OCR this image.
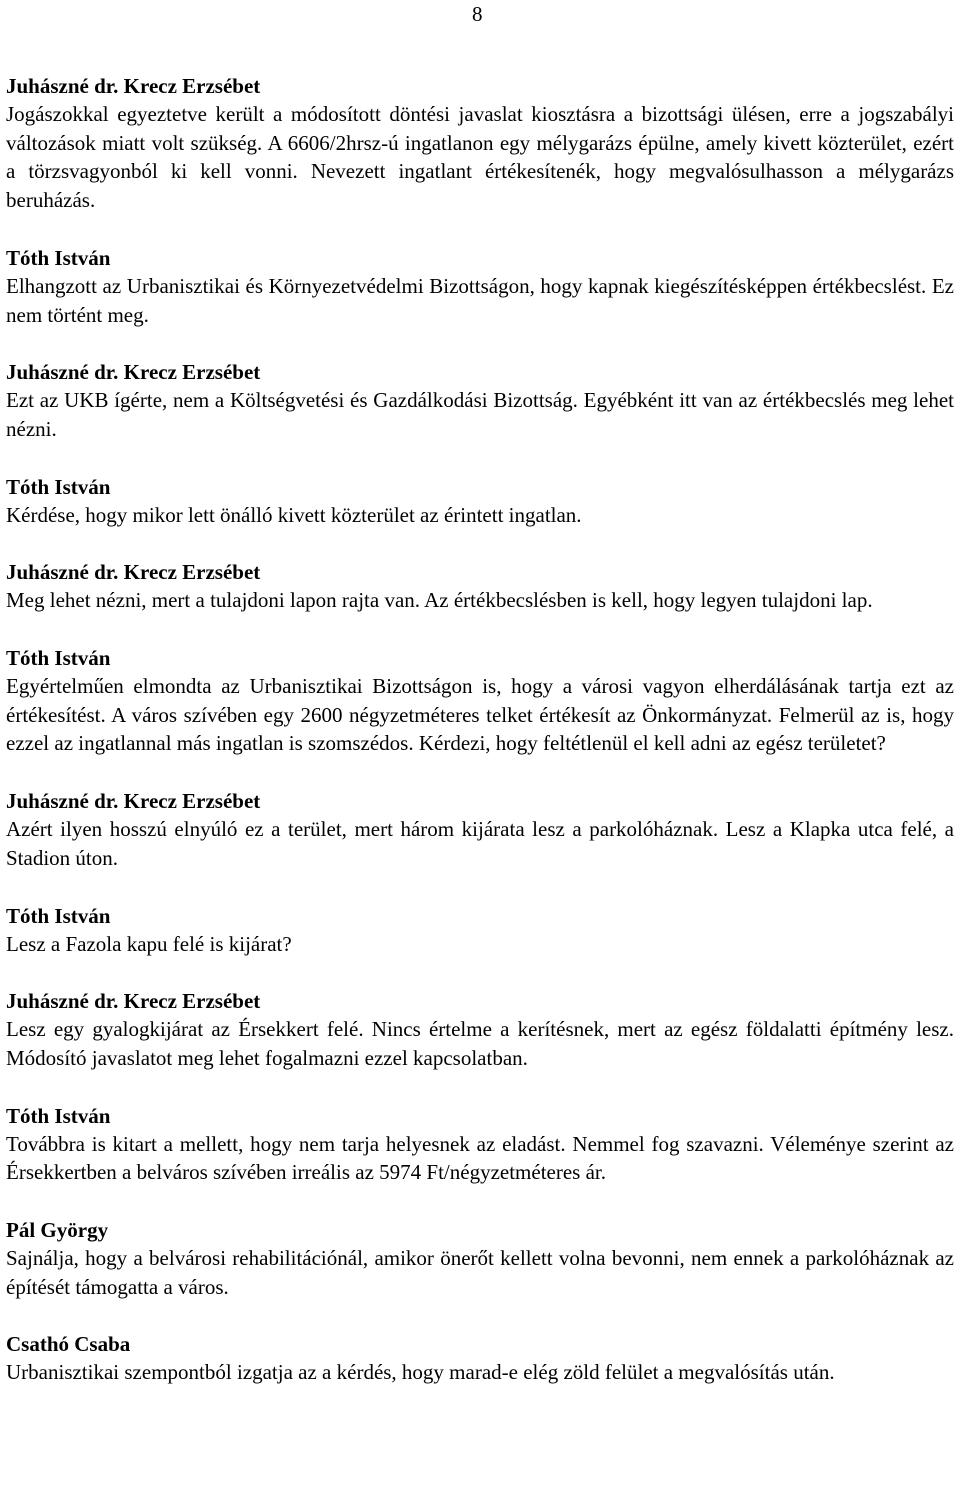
8
Juhászné dr. Krecz Erzsébet
Jogászokkal egyeztetve került a módosított döntési javaslat kiosztásra a bizottsági ülésen, erre a jogszabályi változások miatt volt szükség. A 6606/2hrsz-ú ingatlanon egy mélygarázs épülne, amely kivett közterület, ezért a törzsvagyonból ki kell vonni. Nevezett ingatlant értékesítenék, hogy megvalósulhasson a mélygarázs beruházás.
Tóth István
Elhangzott az Urbanisztikai és Környezetvédelmi Bizottságon, hogy kapnak kiegészítésképpen értékbecslést. Ez nem történt meg.
Juhászné dr. Krecz Erzsébet
Ezt az UKB ígérte, nem a Költségvetési és Gazdálkodási Bizottság. Egyébként itt van az értékbecslés meg lehet nézni.
Tóth István
Kérdése, hogy mikor lett önálló kivett közterület az érintett ingatlan.
Juhászné dr. Krecz Erzsébet
Meg lehet nézni, mert a tulajdoni lapon rajta van. Az értékbecslésben is kell, hogy legyen tulajdoni lap.
Tóth István
Egyértelműen elmondta az Urbanisztikai Bizottságon is, hogy a városi vagyon elherdálásának tartja ezt az értékesítést. A város szívében egy 2600 négyzetméteres telket értékesít az Önkormányzat. Felmerül az is, hogy ezzel az ingatlannal más ingatlan is szomszédos. Kérdezi, hogy feltétlenül el kell adni az egész területet?
Juhászné dr. Krecz Erzsébet
Azért ilyen hosszú elnyúló ez a terület, mert három kijárata lesz a parkolóháznak. Lesz a Klapka utca felé, a Stadion úton.
Tóth István
Lesz a Fazola kapu felé is kijárat?
Juhászné dr. Krecz Erzsébet
Lesz egy gyalogkijárat az Érsekkert felé. Nincs értelme a kerítésnek, mert az egész földalatti építmény lesz. Módosító javaslatot meg lehet fogalmazni ezzel kapcsolatban.
Tóth István
Továbbra is kitart a mellett, hogy nem tarja helyesnek az eladást. Nemmel fog szavazni. Véleménye szerint az Érsekkertben a belváros szívében irreális az 5974 Ft/négyzetméteres ár.
Pál György
Sajnálja, hogy a belvárosi rehabilitációnál, amikor önerőt kellett volna bevonni, nem ennek a parkolóháznak az építését támogatta a város.
Csathó Csaba
Urbanisztikai szempontból izgatja az a kérdés, hogy marad-e elég zöld felület a megvalósítás után.
